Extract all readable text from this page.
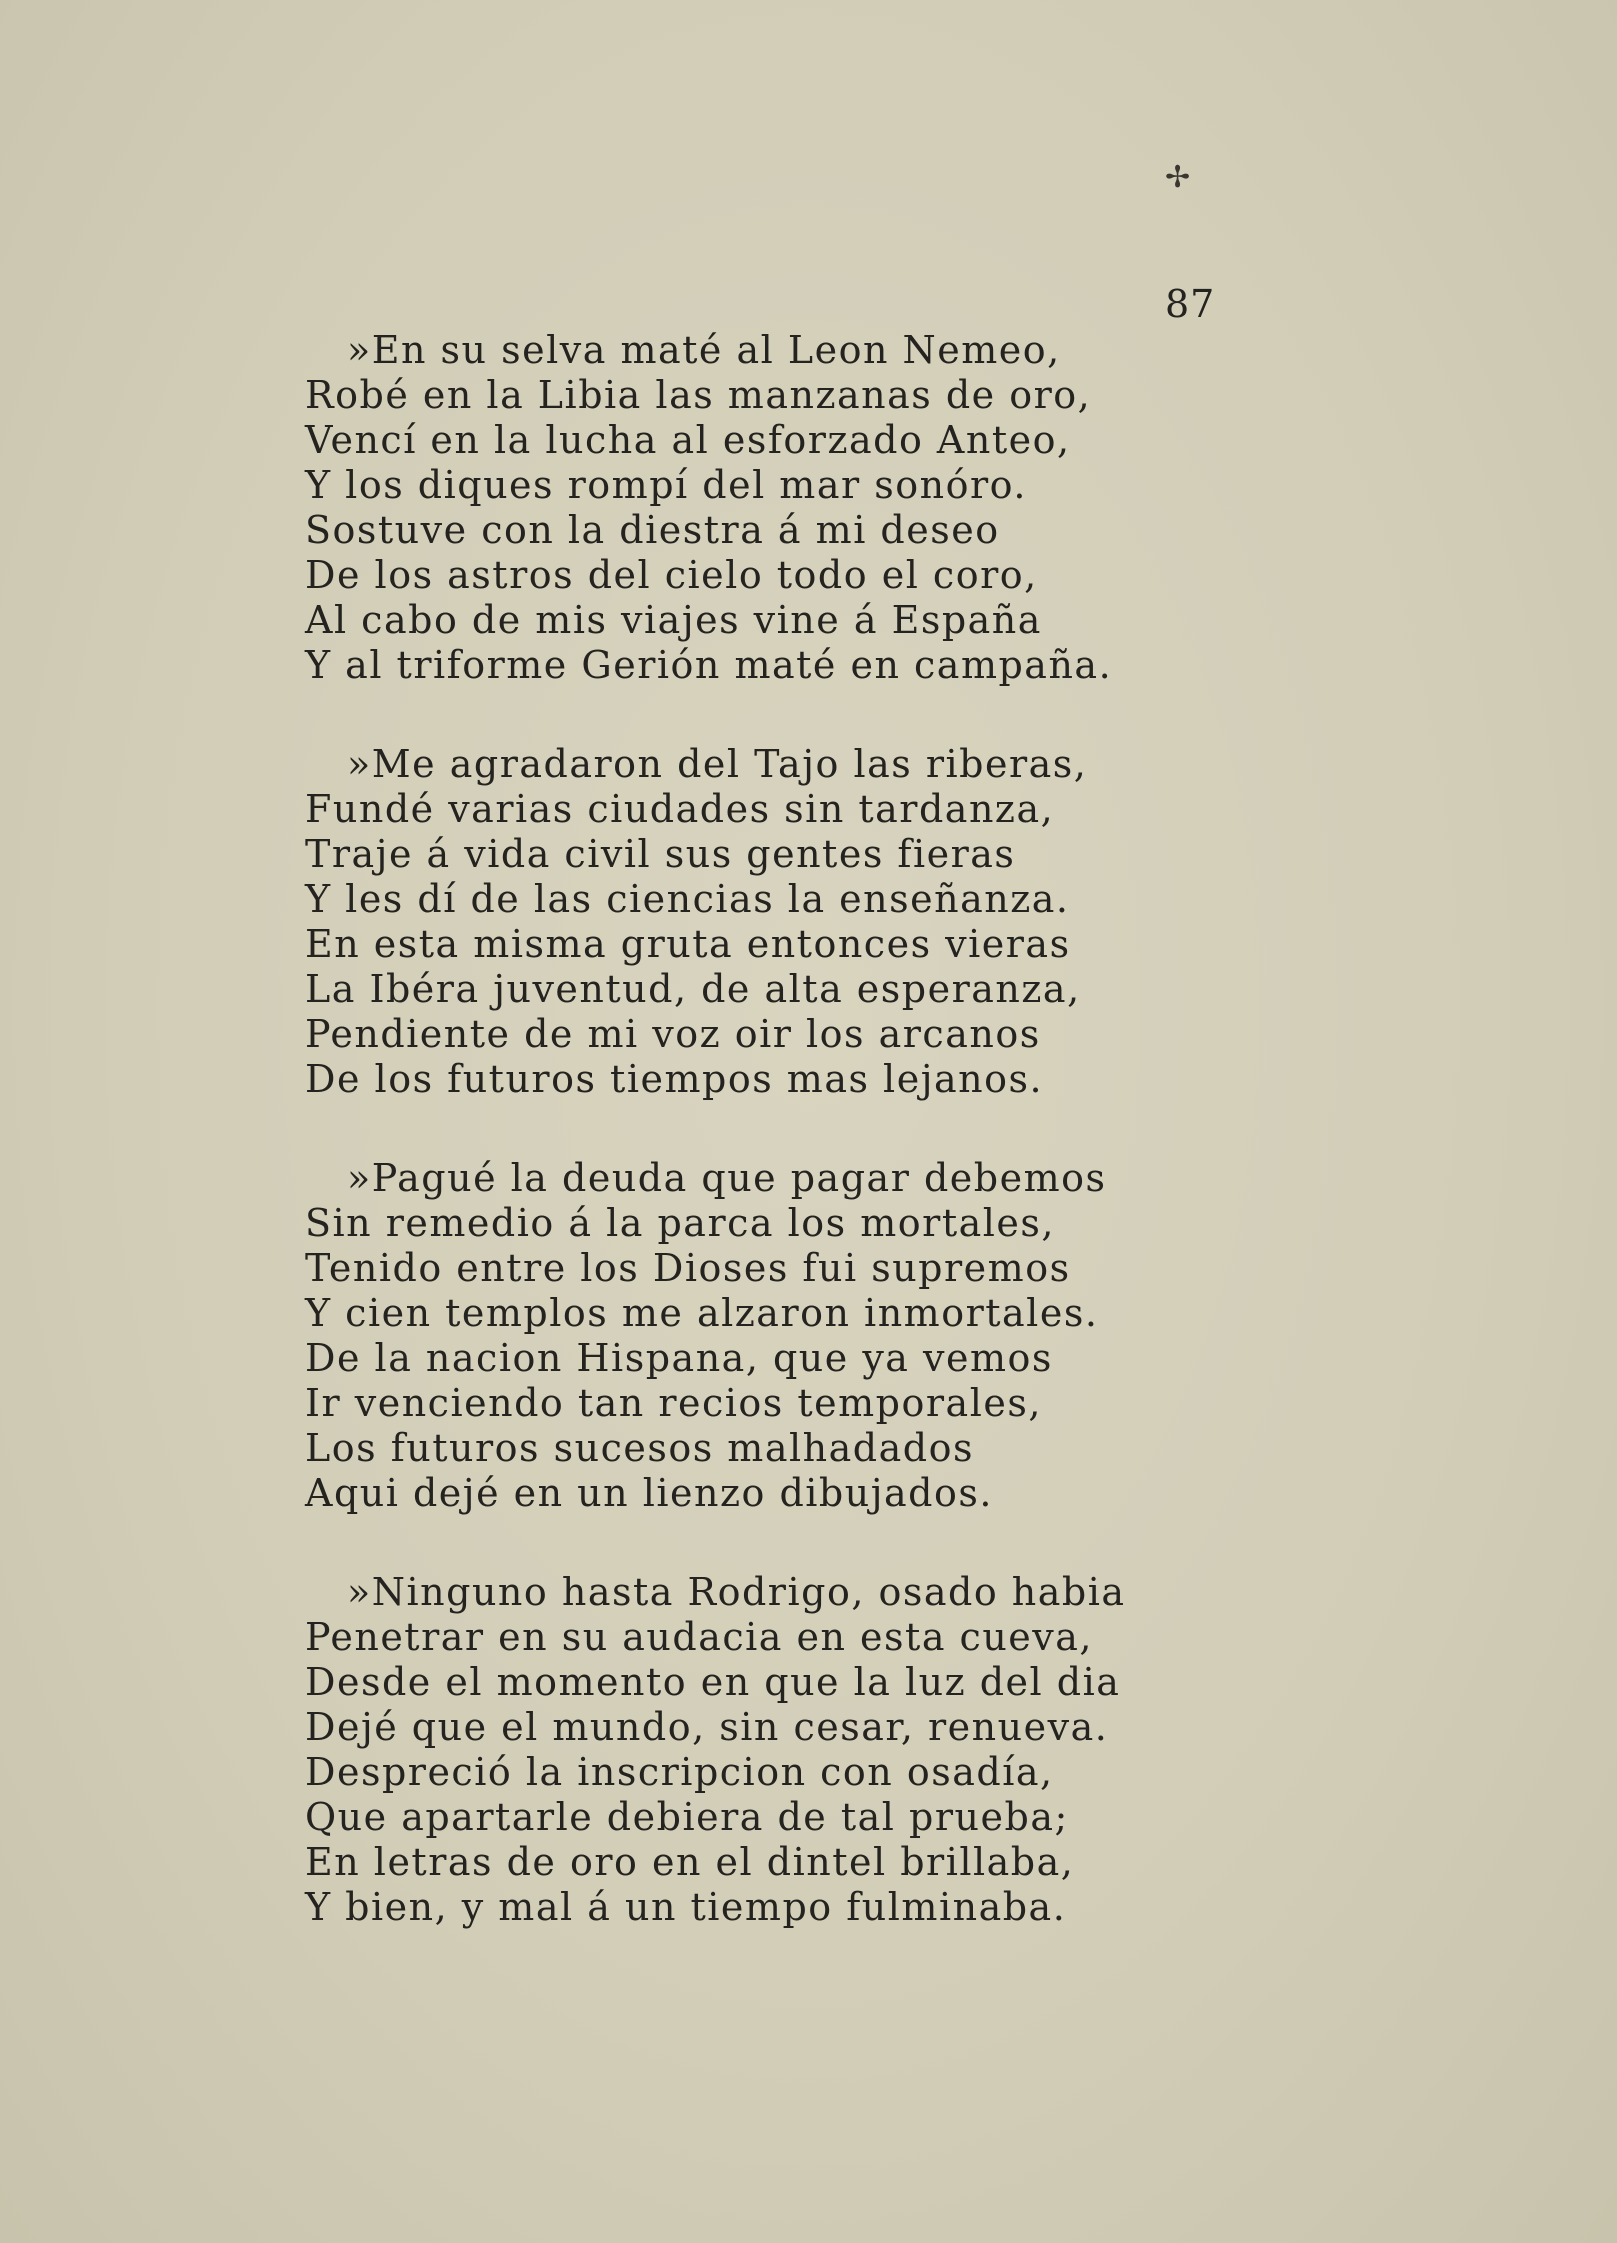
✢
87
»En su selva maté al Leon Nemeo,
Robé en la Libia las manzanas de oro,
Vencí en la lucha al esforzado Anteo,
Y los diques rompí del mar sonóro.
Sostuve con la diestra á mi deseo
De los astros del cielo todo el coro,
Al cabo de mis viajes vine á España
Y al triforme Gerión maté en campaña.
»Me agradaron del Tajo las riberas,
Fundé varias ciudades sin tardanza,
Traje á vida civil sus gentes fieras
Y les dí de las ciencias la enseñanza.
En esta misma gruta entonces vieras
La Ibéra juventud, de alta esperanza,
Pendiente de mi voz oir los arcanos
De los futuros tiempos mas lejanos.
»Pagué la deuda que pagar debemos
Sin remedio á la parca los mortales,
Tenido entre los Dioses fui supremos
Y cien templos me alzaron inmortales.
De la nacion Hispana, que ya vemos
Ir venciendo tan recios temporales,
Los futuros sucesos malhadados
Aqui dejé en un lienzo dibujados.
»Ninguno hasta Rodrigo, osado habia
Penetrar en su audacia en esta cueva,
Desde el momento en que la luz del dia
Dejé que el mundo, sin cesar, renueva.
Despreció la inscripcion con osadía,
Que apartarle debiera de tal prueba;
En letras de oro en el dintel brillaba,
Y bien, y mal á un tiempo fulminaba.
